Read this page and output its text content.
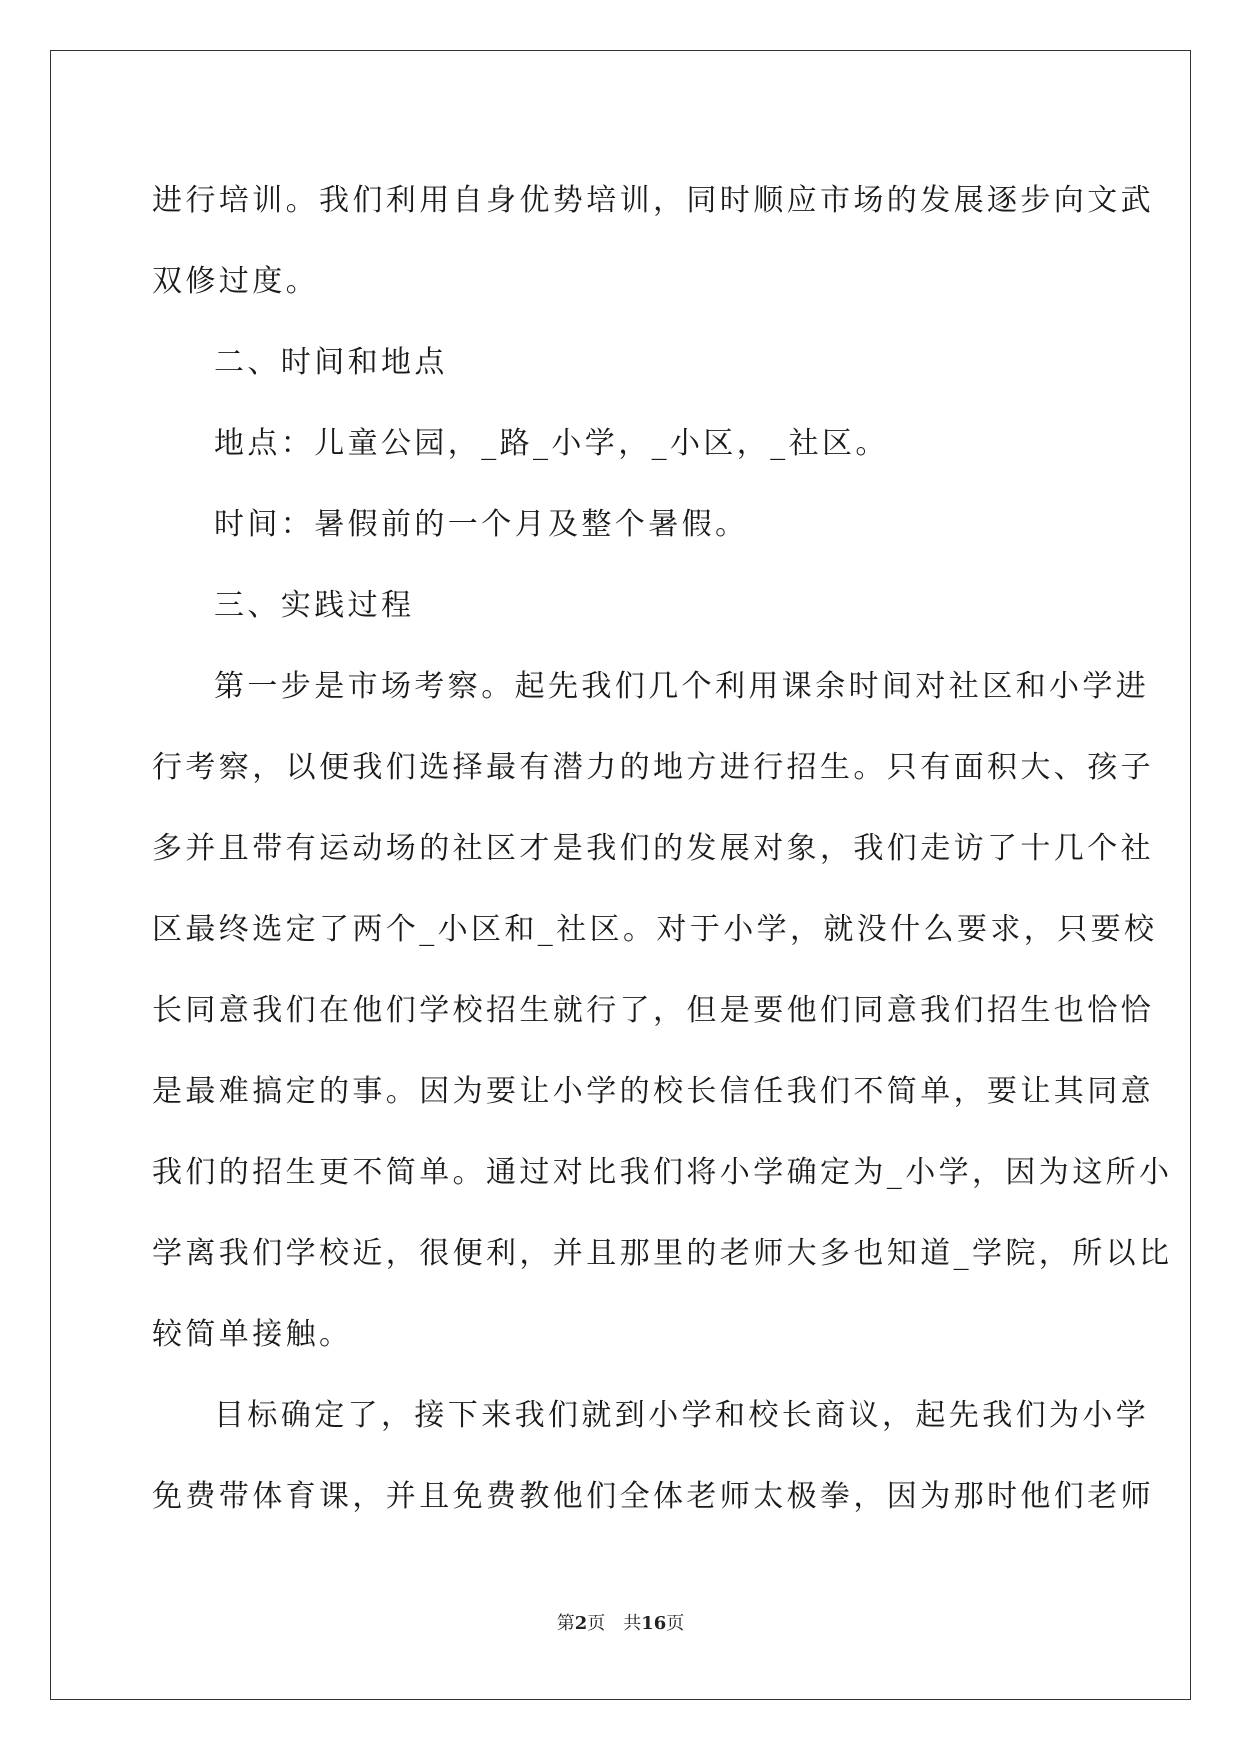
进行培训。我们利用自身优势培训，同时顺应市场的发展逐步向文武
双修过度。
二、时间和地点
地点：儿童公园，_路_小学，_小区，_社区。
时间：暑假前的一个月及整个暑假。
三、实践过程
第一步是市场考察。起先我们几个利用课余时间对社区和小学进
行考察，以便我们选择最有潜力的地方进行招生。只有面积大、孩子
多并且带有运动场的社区才是我们的发展对象，我们走访了十几个社
区最终选定了两个_小区和_社区。对于小学，就没什么要求，只要校
长同意我们在他们学校招生就行了，但是要他们同意我们招生也恰恰
是最难搞定的事。因为要让小学的校长信任我们不简单，要让其同意
我们的招生更不简单。通过对比我们将小学确定为_小学，因为这所小
学离我们学校近，很便利，并且那里的老师大多也知道_学院，所以比
较简单接触。
目标确定了，接下来我们就到小学和校长商议，起先我们为小学
免费带体育课，并且免费教他们全体老师太极拳，因为那时他们老师
第2页 共16页
